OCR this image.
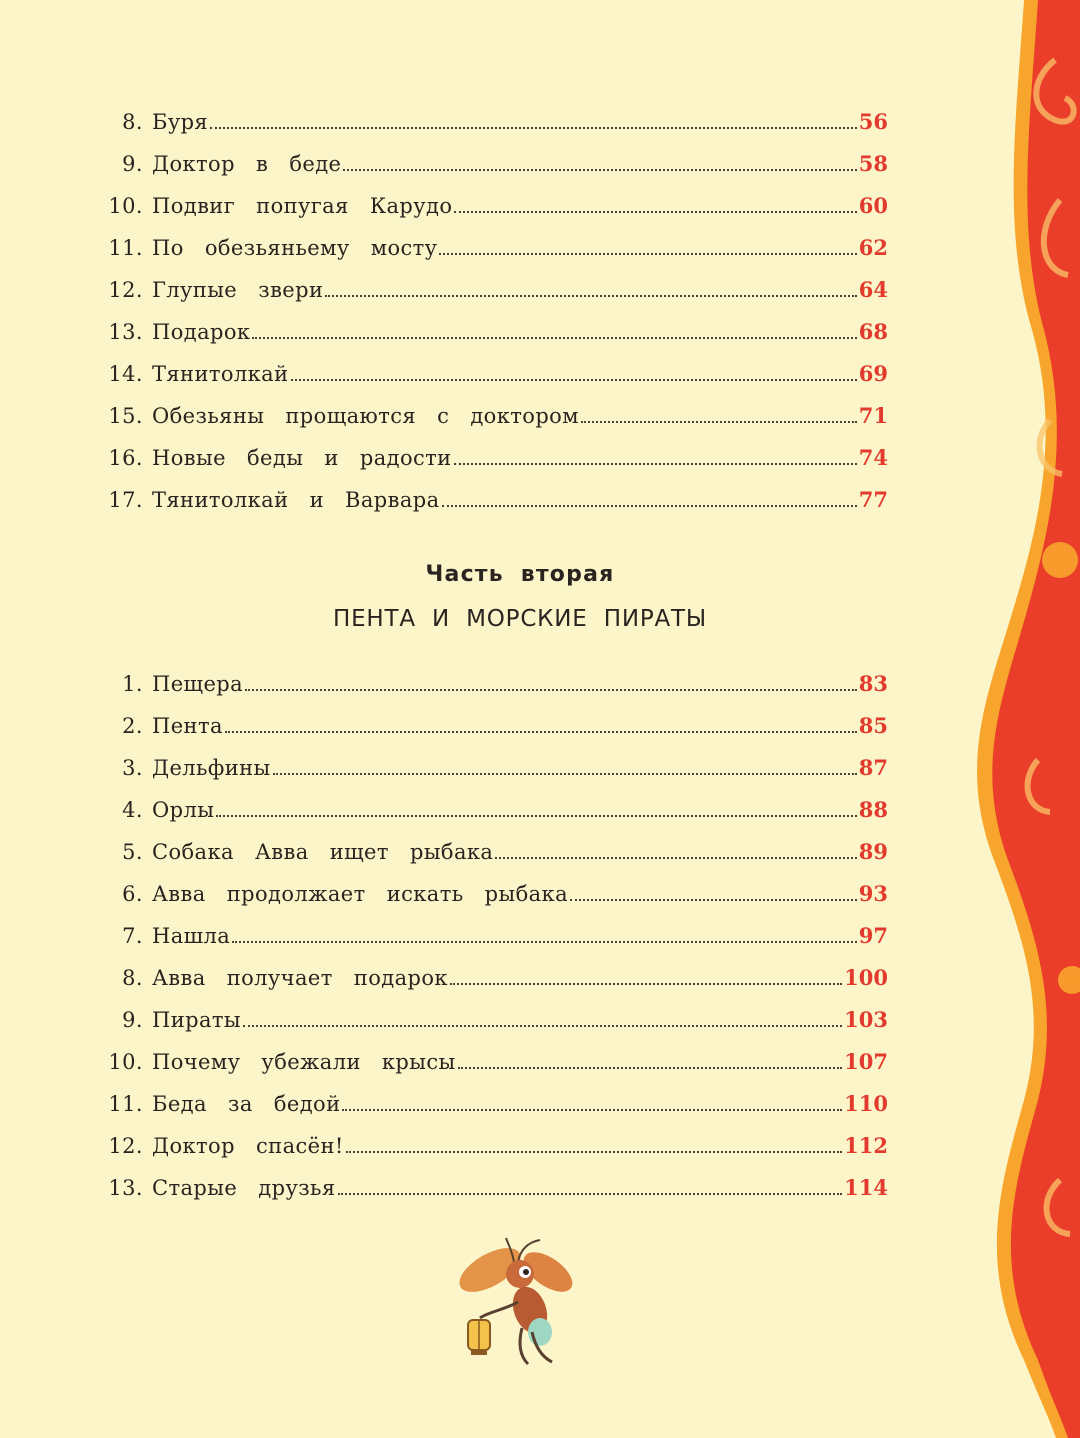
8. Буря	56
9. Доктор в беде	58
10. Подвиг попугая Карудо	60
11. По обезьяньему мосту	62
12. Глупые звери	64
13. Подарок	68
14. Тянитолкай	69
15. Обезьяны прощаются с доктором	71
16. Новые беды и радости	74
17. Тянитолкай и Варвара	77
Часть вторая
ПЕНТА И МОРСКИЕ ПИРАТЫ
1. Пещера	83
2. Пента	85
3. Дельфины	87
4. Орлы	88
5. Собака Авва ищет рыбака	89
6. Авва продолжает искать рыбака	93
7. Нашла	97
8. Авва получает подарок	100
9. Пираты	103
10. Почему убежали крысы	107
11. Беда за бедой	110
12. Доктор спасён!	112
13. Старые друзья	114
